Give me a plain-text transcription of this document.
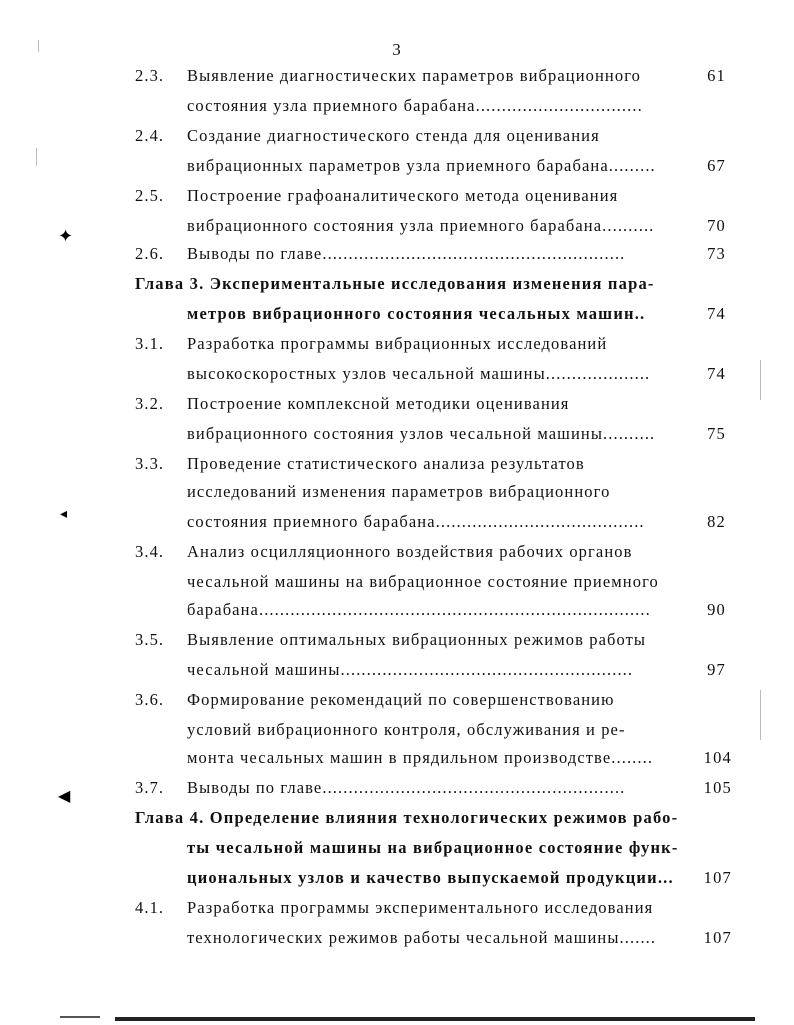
3
2.3. Выявление диагностических параметров вибрационного	61
состояния узла приемного барабана................................
2.4. Создание диагностического стенда для оценивания
вибрационных параметров узла приемного барабана.........	67
2.5. Построение графоаналитического метода оценивания
вибрационного состояния узла приемного барабана..........	70
2.6. Выводы по главе..........................................................	73
Глава 3. Экспериментальные исследования изменения пара-
метров вибрационного состояния чесальных машин..	74
3.1. Разработка программы вибрационных исследований
высокоскоростных узлов чесальной машины....................	74
3.2. Построение комплексной методики оценивания
вибрационного состояния узлов чесальной машины..........	75
3.3. Проведение статистического анализа результатов
исследований изменения параметров вибрационного
состояния приемного барабана........................................	82
3.4. Анализ осцилляционного воздействия рабочих органов
чесальной машины на вибрационное состояние приемного
барабана...........................................................................	90
3.5. Выявление оптимальных вибрационных режимов работы
чесальной машины........................................................	97
3.6. Формирование рекомендаций по совершенствованию
условий вибрационного контроля, обслуживания и ре-
монта чесальных машин в прядильном производстве........	104
3.7. Выводы по главе..........................................................	105
Глава 4. Определение влияния технологических режимов рабо-
ты чесальной машины на вибрационное состояние функ-
циональных узлов и качество выпускаемой продукции... 107
4.1. Разработка программы экспериментального исследования
технологических режимов работы чесальной машины.......	107
✦
◂
◀
